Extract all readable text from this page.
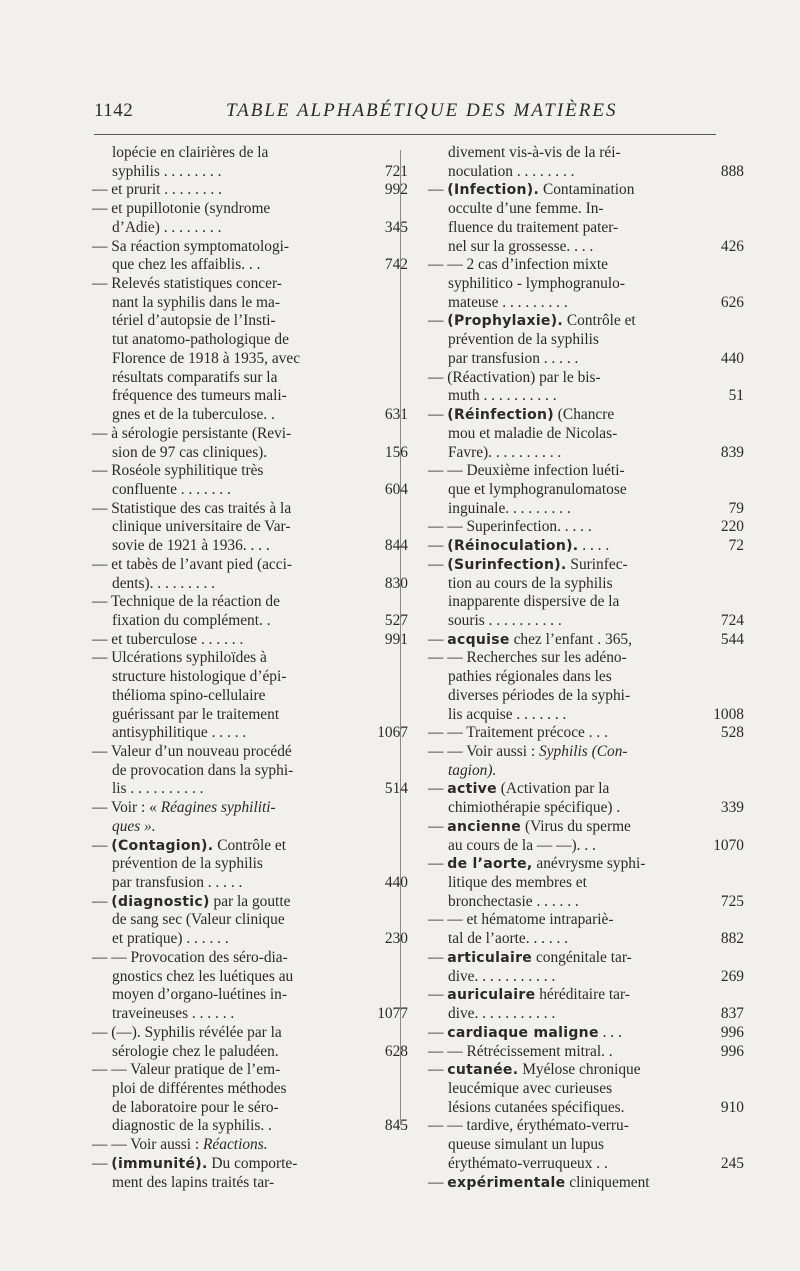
1142	TABLE ALPHABÉTIQUE DES MATIÈRES
lopécie en clairières de la
syphilis . . . . . . . .	721
— et prurit . . . . . . . .	992
— et pupillotonie (syndrome
d’Adie) . . . . . . . .	345
— Sa réaction symptomatologi-
que chez les affaiblis. . .	742
— Relevés statistiques concer-
nant la syphilis dans le ma-
tériel d’autopsie de l’Insti-
tut anatomo-pathologique de
Florence de 1918 à 1935, avec
résultats comparatifs sur la
fréquence des tumeurs mali-
gnes et de la tuberculose. .	631
— à sérologie persistante (Revi-
sion de 97 cas cliniques).	156
— Roséole syphilitique très
confluente . . . . . . .	604
— Statistique des cas traités à la
clinique universitaire de Var-
sovie de 1921 à 1936. . . .	844
— et tabès de l’avant pied (acci-
dents). . . . . . . . .	830
— Technique de la réaction de
fixation du complément. .	527
— et tuberculose . . . . . .	991
— Ulcérations syphiloïdes à
structure histologique d’épi-
thélioma spino-cellulaire
guérissant par le traitement
antisyphilitique . . . . .	1067
— Valeur d’un nouveau procédé
de provocation dans la syphi-
lis . . . . . . . . . .	514
— Voir : « Réagines syphiliti-
ques ».
— (Contagion). Contrôle et
prévention de la syphilis
par transfusion . . . . .	440
— (diagnostic) par la goutte
de sang sec (Valeur clinique
et pratique) . . . . . .	230
— — Provocation des séro-dia-
gnostics chez les luétiques au
moyen d’organo-luétines in-
traveineuses . . . . . .	1077
— (—). Syphilis révélée par la
sérologie chez le paludéen.	628
— — Valeur pratique de l’em-
ploi de différentes méthodes
de laboratoire pour le séro-
diagnostic de la syphilis. .	845
— — Voir aussi : Réactions.
— (immunité). Du comporte-
ment des lapins traités tar-
divement vis-à-vis de la réi-
noculation . . . . . . . .	888
— (Infection). Contamination
occulte d’une femme. In-
fluence du traitement pater-
nel sur la grossesse. . . .	426
— — 2 cas d’infection mixte
syphilitico - lymphogranulo-
mateuse . . . . . . . . .	626
— (Prophylaxie). Contrôle et
prévention de la syphilis
par transfusion . . . . .	440
— (Réactivation) par le bis-
muth . . . . . . . . . .	51
— (Réinfection) (Chancre
mou et maladie de Nicolas-
Favre). . . . . . . . . .	839
— — Deuxième infection luéti-
que et lymphogranulomatose
inguinale. . . . . . . . .	79
— — Superinfection. . . . .	220
— (Réinoculation). . . . .	72
— (Surinfection). Surinfec-
tion au cours de la syphilis
inapparente dispersive de la
souris . . . . . . . . . .	724
— acquise chez l’enfant . 365,	544
— — Recherches sur les adéno-
pathies régionales dans les
diverses périodes de la syphi-
lis acquise . . . . . . .	1008
— — Traitement précoce . . .	528
— — Voir aussi : Syphilis (Con-
tagion).
— active (Activation par la
chimiothérapie spécifique) .	339
— ancienne (Virus du sperme
au cours de la — —). . .	1070
— de l’aorte, anévrysme syphi-
litique des membres et
bronchectasie . . . . . .	725
— — et hématome intrapariè-
tal de l’aorte. . . . . .	882
— articulaire congénitale tar-
dive. . . . . . . . . . .	269
— auriculaire héréditaire tar-
dive. . . . . . . . . . .	837
— cardiaque maligne . . .	996
— — Rétrécissement mitral. .	996
— cutanée. Myélose chronique
leucémique avec curieuses
lésions cutanées spécifiques.	910
— — tardive, érythémato-verru-
queuse simulant un lupus
érythémato-verruqueux . .	245
— expérimentale cliniquement
